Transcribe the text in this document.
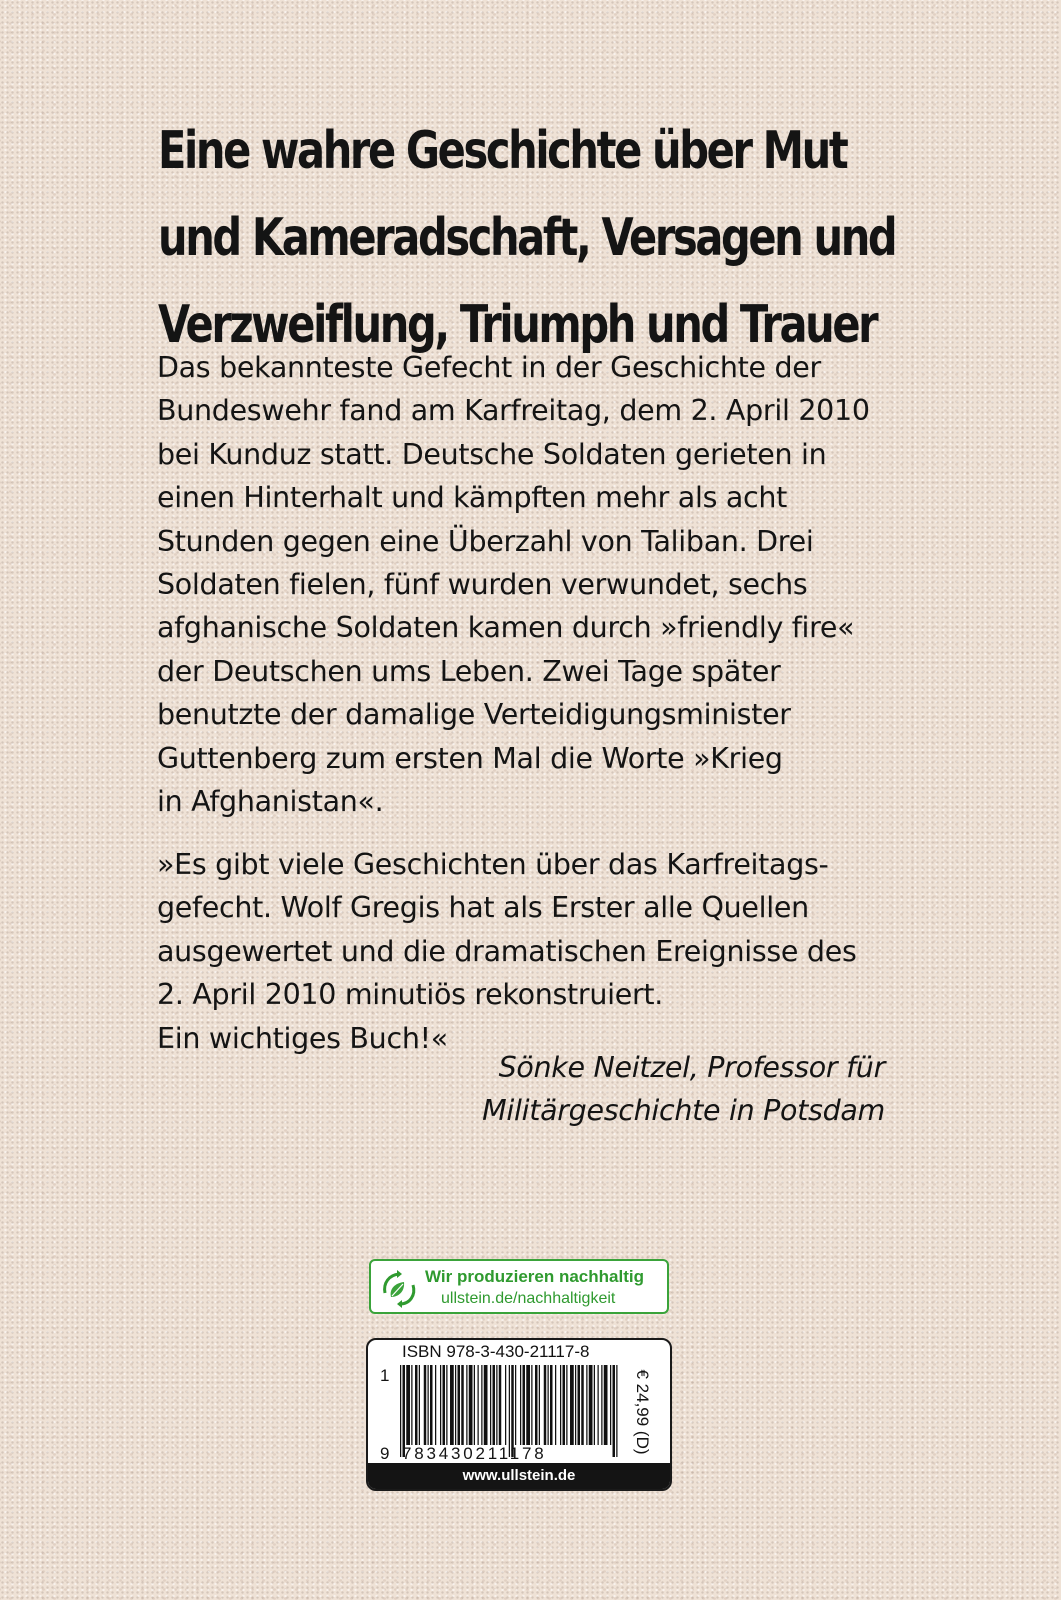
Eine wahre Geschichte über Mut
und Kameradschaft, Versagen und
Verzweiflung, Triumph und Trauer

Das bekannteste Gefecht in der Geschichte der
Bundeswehr fand am Karfreitag, dem 2. April 2010
bei Kunduz statt. Deutsche Soldaten gerieten in
einen Hinterhalt und kämpften mehr als acht
Stunden gegen eine Überzahl von Taliban. Drei
Soldaten fielen, fünf wurden verwundet, sechs
afghanische Soldaten kamen durch »friendly fire«
der Deutschen ums Leben. Zwei Tage später
benutzte der damalige Verteidigungsminister
Guttenberg zum ersten Mal die Worte »Krieg
in Afghanistan«.

»Es gibt viele Geschichten über das Karfreitags-
gefecht. Wolf Gregis hat als Erster alle Quellen
ausgewertet und die dramatischen Ereignisse des
2. April 2010 minutiös rekonstruiert.
Ein wichtiges Buch!«

Sönke Neitzel, Professor für
Militärgeschichte in Potsdam

Wir produzieren nachhaltig
ullstein.de/nachhaltigkeit
ISBN 978-3-430-21117-8
1
9 783430211178	€ 24,99 (D)
www.ullstein.de
